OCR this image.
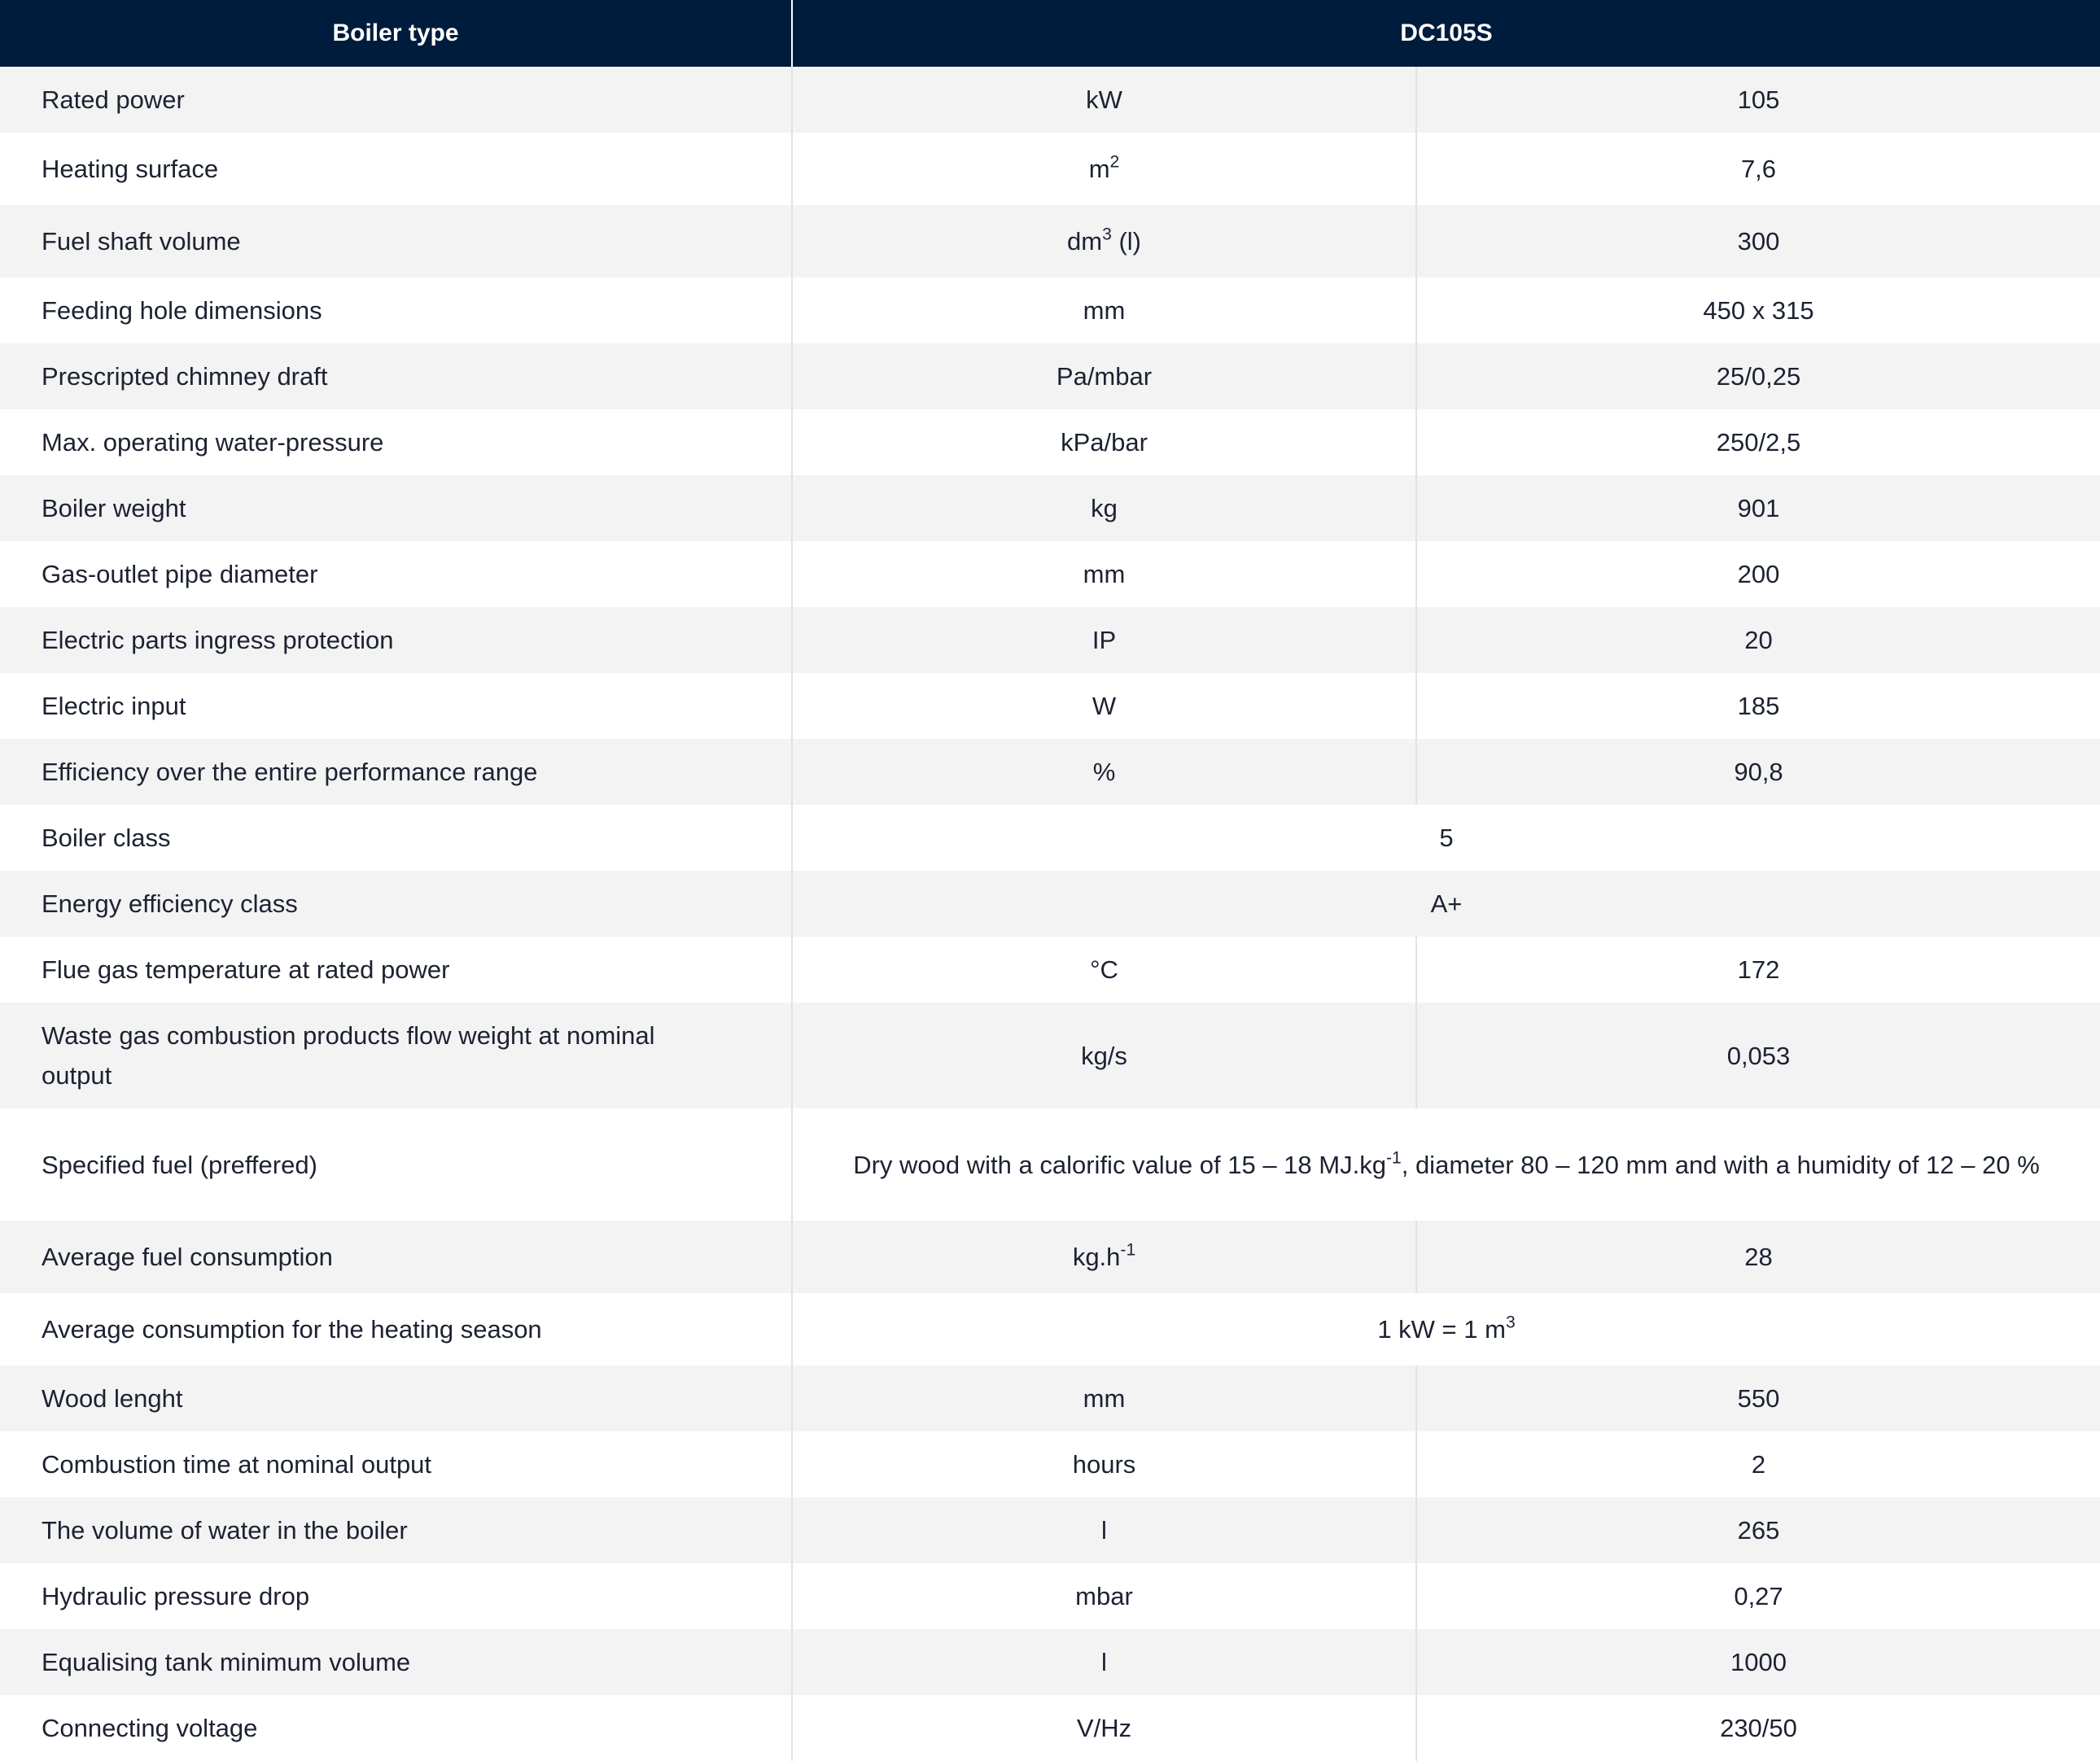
Boiler type	DC105S	
Rated power	kW	105
Heating surface	$m^2$	7,6
Fuel shaft volume	$dm^3$ (l)	300
Feeding hole dimensions	mm	450 x 315
Prescripted chimney draft	Pa/mbar	25/0,25
Max. operating water-pressure	kPa/bar	250/2,5
Boiler weight	kg	901
Gas-outlet pipe diameter	mm	200
Electric parts ingress protection	IP	20
Electric input	W	185
Efficiency over the entire performance range	%	90,8
Boiler class	5	
Energy efficiency class	A+	
Flue gas temperature at rated power	°C	172
Waste gas combustion products flow weight at nominal output	kg/s	0,053
Specified fuel (preffered)	Dry wood with a calorific value of 15 – 18 $MJ.kg^{-1}$, diameter 80 – 120 mm and with a humidity of 12 – 20 %	
Average fuel consumption	$kg.h^{-1}$	28
Average consumption for the heating season	1 kW = 1 $m^3$
Wood lenght	mm	550
Combustion time at nominal output	hours	2
The volume of water in the boiler	l	265
Hydraulic pressure drop	mbar	0,27
Equalising tank minimum volume	l	1000
Connecting voltage	V/Hz	230/50
